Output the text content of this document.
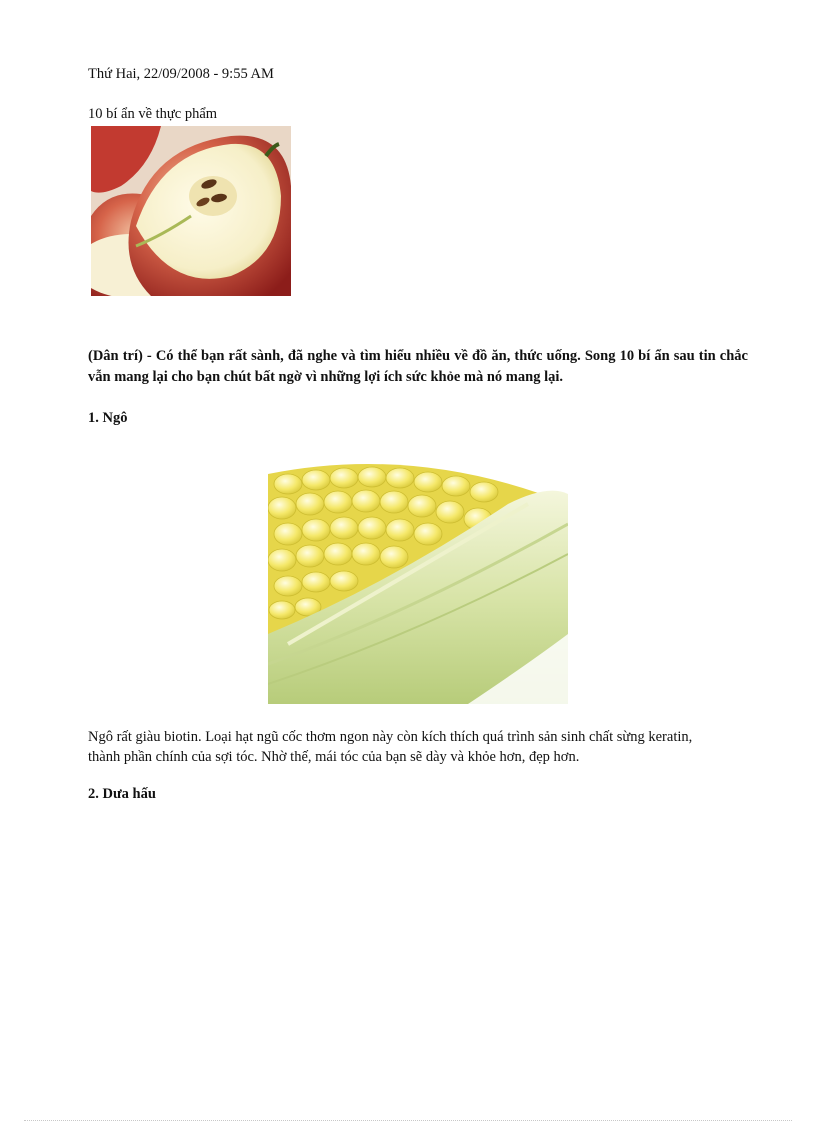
Thứ Hai, 22/09/2008 - 9:55 AM
10 bí ẩn về thực phẩm
(Dân trí) - Có thể bạn rất sành, đã nghe và tìm hiểu nhiều về đồ ăn, thức uống. Song 10 bí ẩn sau tin chắc vẫn mang lại cho bạn chút bất ngờ vì những lợi ích sức khỏe mà nó mang lại.
1. Ngô
Ngô rất giàu biotin. Loại hạt ngũ cốc thơm ngon này còn kích thích quá trình sản sinh chất sừng keratin, thành phần chính của sợi tóc. Nhờ thế, mái tóc của bạn sẽ dày và khỏe hơn, đẹp hơn.
2. Dưa hấu
